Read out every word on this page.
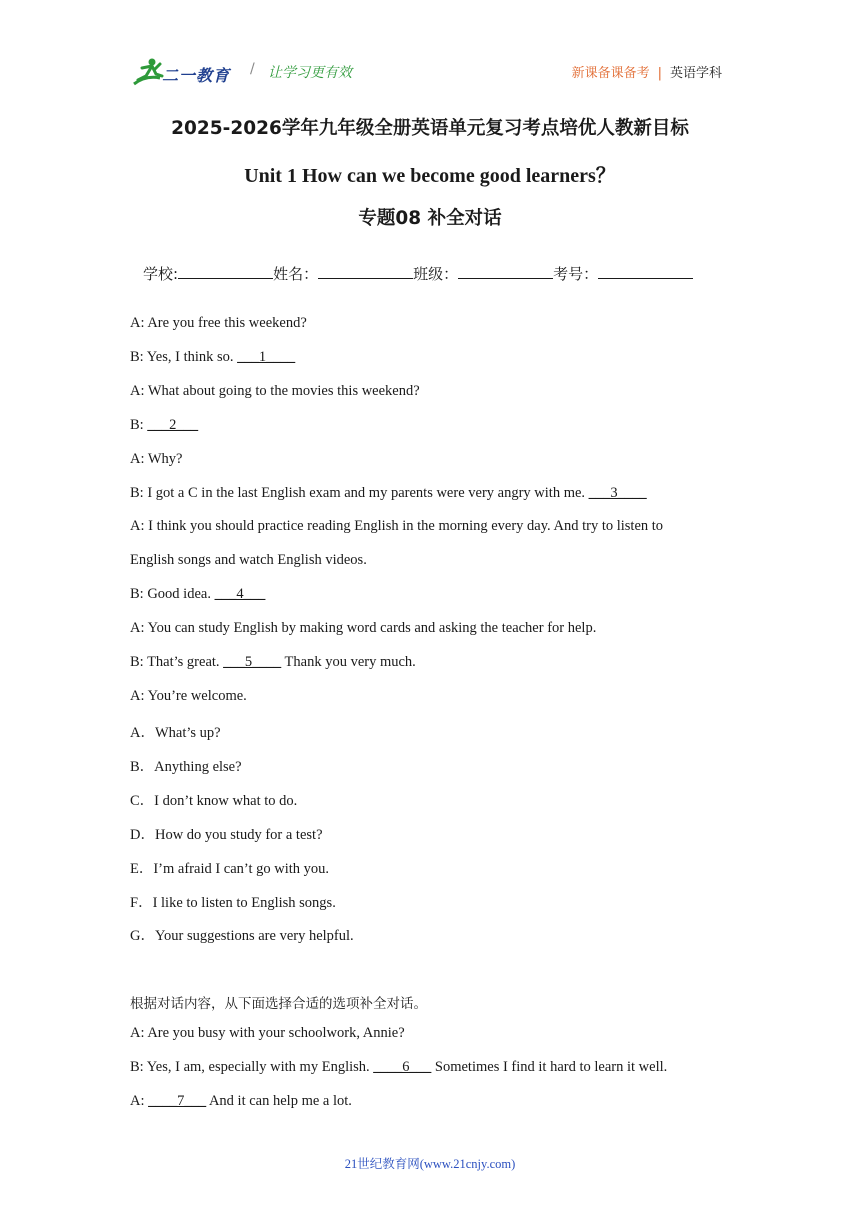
二一教育 / 让学习更有效	新课备课备考 | 英语学科
2025-2026学年九年级全册英语单元复习考点培优人教新目标
Unit 1 How can we become good learners？
专题08 补全对话
学校:	姓名：	班级：	考号：
A: Are you free this weekend?
B: Yes, I think so. ___1____
A: What about going to the movies this weekend?
B: ___2___
A: Why?
B: I got a C in the last English exam and my parents were very angry with me. ___3____
A: I think you should practice reading English in the morning every day. And try to listen to
English songs and watch English videos.
B: Good idea. ___4___
A: You can study English by making word cards and asking the teacher for help.
B: That’s great. ___5____ Thank you very much.
A: You’re welcome.
A．What’s up?
B．Anything else?
C．I don’t know what to do.
D．How do you study for a test?
E．I’m afraid I can’t go with you.
F．I like to listen to English songs.
G．Your suggestions are very helpful.
根据对话内容，从下面选择合适的选项补全对话。
A: Are you busy with your schoolwork, Annie?
B: Yes, I am, especially with my English. ____6___ Sometimes I find it hard to learn it well.
A: ____7___ And it can help me a lot.
21世纪教育网(www.21cnjy.com)
